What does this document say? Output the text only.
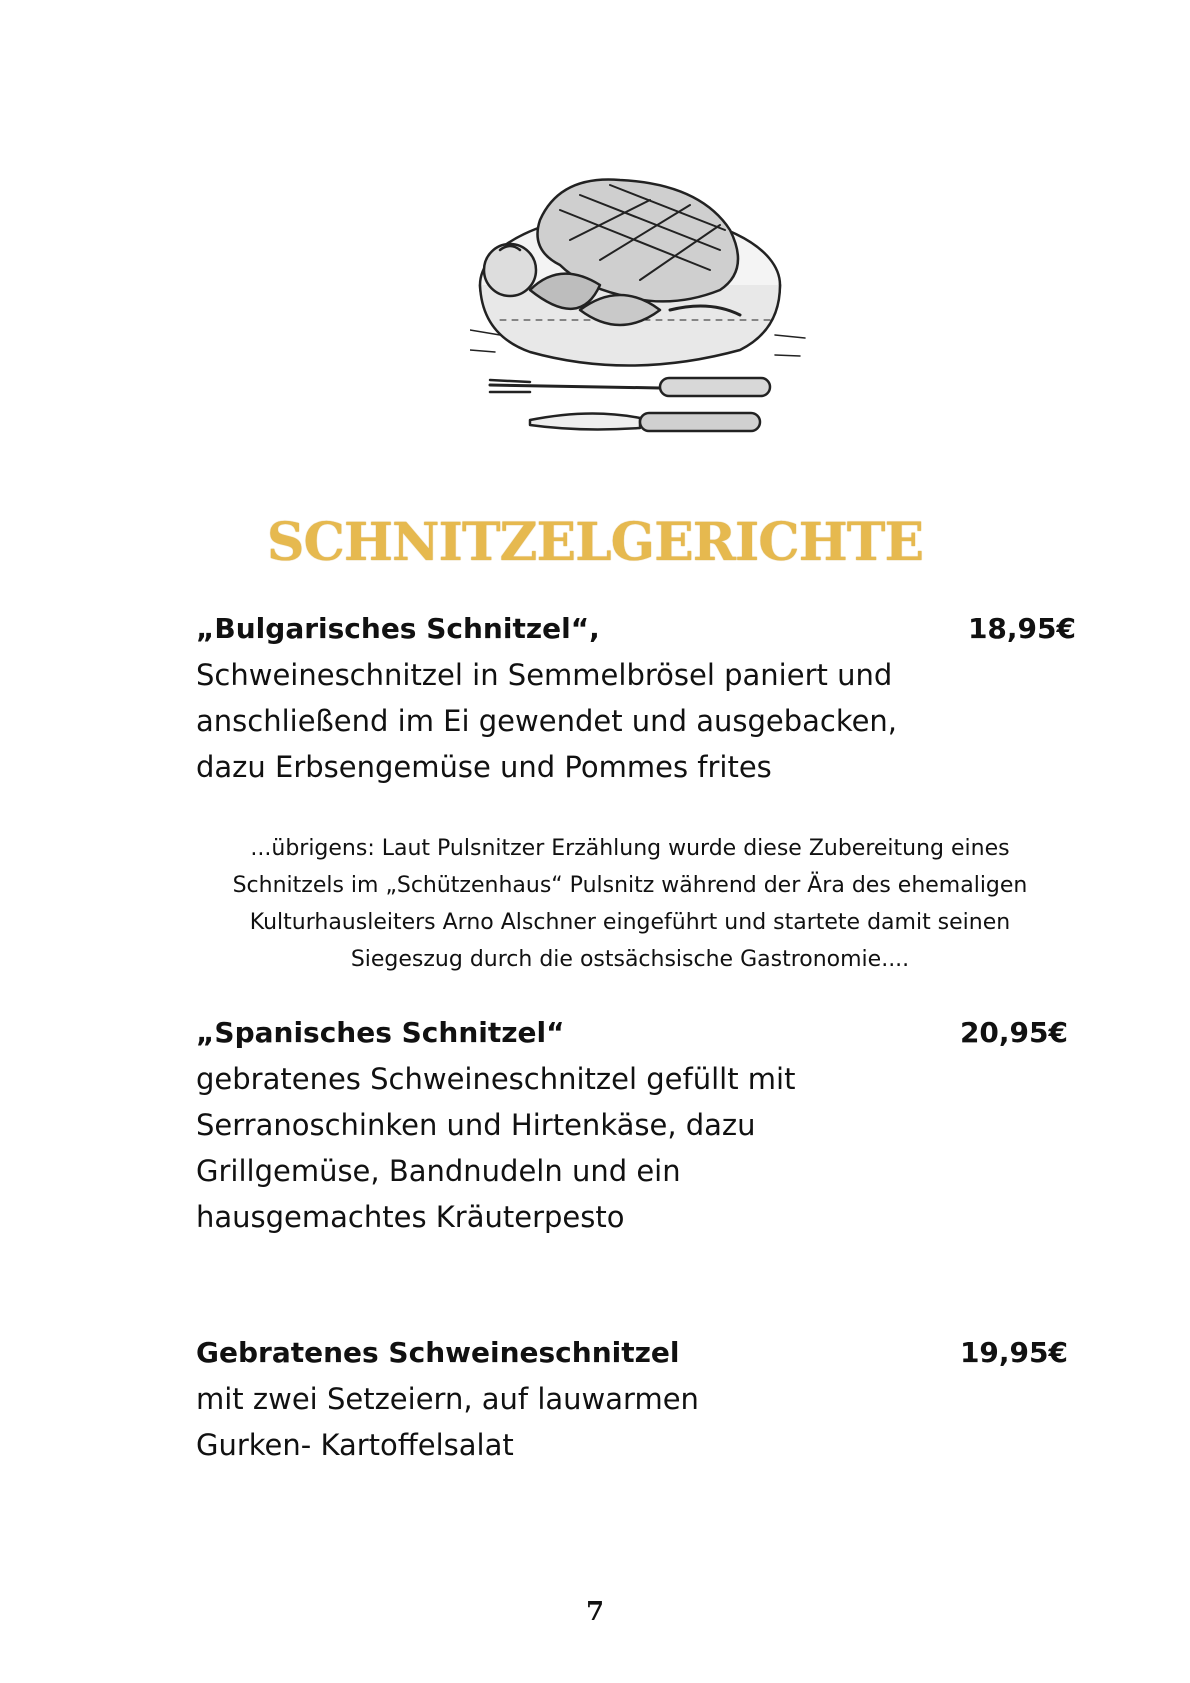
SCHNITZELGERICHTE
„Bulgarisches Schnitzel“,	18,95€

Schweineschnitzel in Semmelbrösel paniert und

anschließend im Ei gewendet und ausgebacken,

dazu Erbsengemüse und Pommes frites

...übrigens: Laut Pulsnitzer Erzählung wurde diese Zubereitung eines
Schnitzels im „Schützenhaus“ Pulsnitz während der Ära des ehemaligen
Kulturhausleiters Arno Alschner eingeführt und startete damit seinen
Siegeszug durch die ostsächsische Gastronomie....
„Spanisches Schnitzel“	20,95€

gebratenes Schweineschnitzel gefüllt mit

Serranoschinken und Hirtenkäse, dazu

Grillgemüse, Bandnudeln und ein

hausgemachtes Kräuterpesto

Gebratenes Schweineschnitzel	19,95€

mit zwei Setzeiern, auf lauwarmen

Gurken- Kartoffelsalat

7
